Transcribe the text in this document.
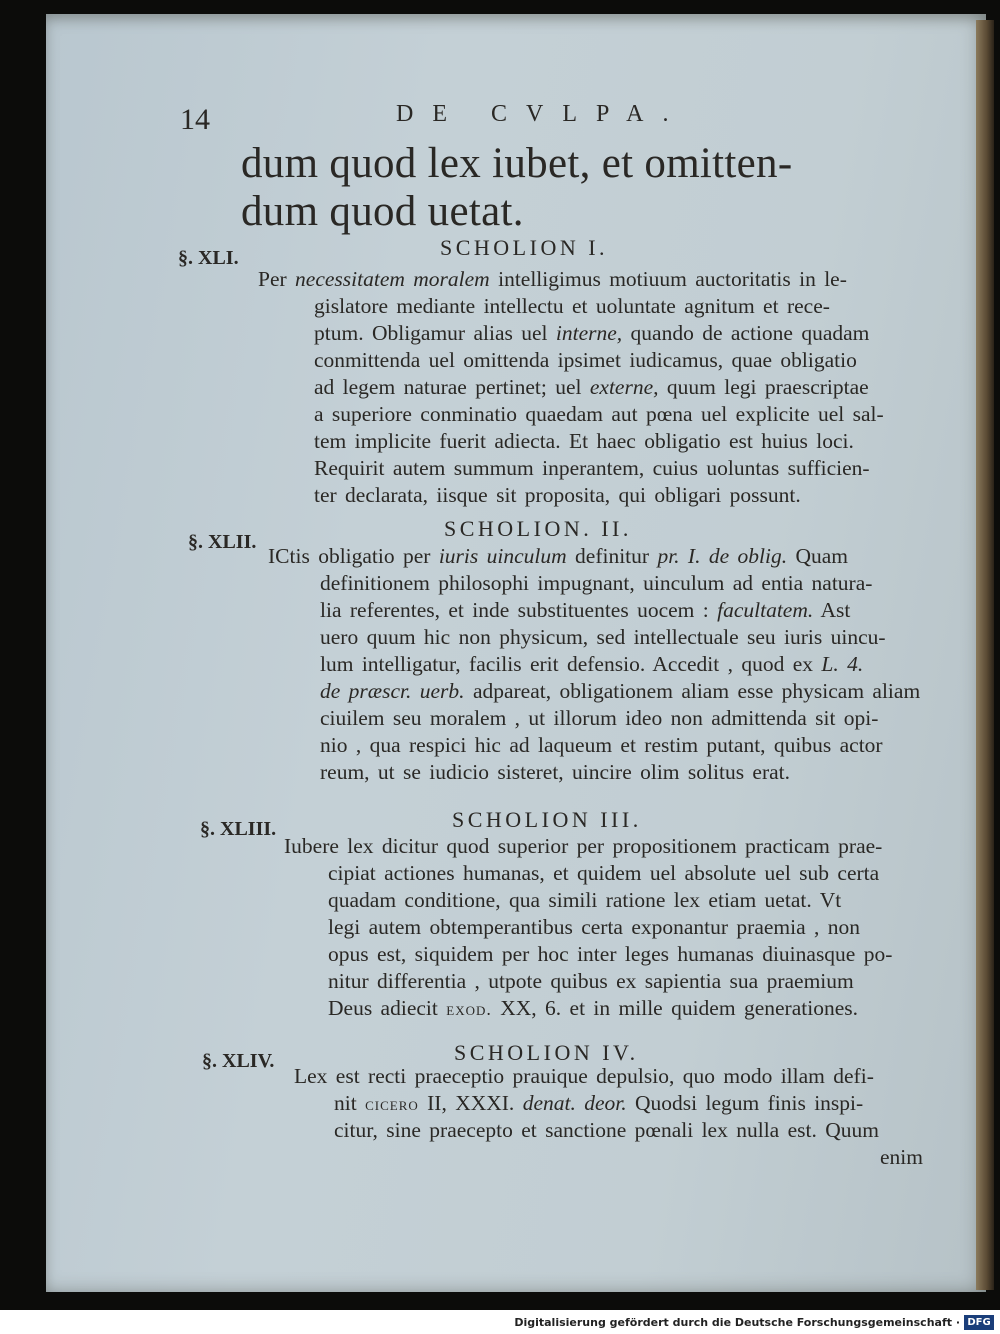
14	DE CVLPA.
dum quod lex iubet, et omitten-
dum quod uetat.
§. XLI.	SCHOLION I.
Per necessitatem moralem intelligimus motiuum auctoritatis in le-
gislatore mediante intellectu et uoluntate agnitum et rece-
ptum. Obligamur alias uel interne, quando de actione quadam
conmittenda uel omittenda ipsimet iudicamus, quae obligatio
ad legem naturae pertinet; uel externe, quum legi praescriptae
a superiore conminatio quaedam aut pœna uel explicite uel sal-
tem implicite fuerit adiecta. Et haec obligatio est huius loci.
Requirit autem summum inperantem, cuius uoluntas sufficien-
ter declarata, iisque sit proposita, qui obligari possunt.
§. XLII.
SCHOLION. II.
ICtis obligatio per iuris uinculum definitur pr. I. de oblig. Quam
definitionem philosophi impugnant, uinculum ad entia natura-
lia referentes, et inde substituentes uocem : facultatem. Ast
uero quum hic non physicum, sed intellectuale seu iuris uincu-
lum intelligatur, facilis erit defensio. Accedit , quod ex L. 4.
de præscr. uerb. adpareat, obligationem aliam esse physicam aliam
ciuilem seu moralem , ut illorum ideo non admittenda sit opi-
nio , qua respici hic ad laqueum et restim putant, quibus actor
reum, ut se iudicio sisteret, uincire olim solitus erat.
§. XLIII.	SCHOLION III.
Iubere lex dicitur quod superior per propositionem practicam prae-
cipiat actiones humanas, et quidem uel absolute uel sub certa
quadam conditione, qua simili ratione lex etiam uetat. Vt
legi autem obtemperantibus certa exponantur praemia , non
opus est, siquidem per hoc inter leges humanas diuinasque po-
nitur differentia , utpote quibus ex sapientia sua praemium
Deus adiecit exod. XX, 6. et in mille quidem generationes.
§. XLIV.	SCHOLION IV.
Lex est recti praeceptio prauique depulsio, quo modo illam defi-
nit cicero II, XXXI. denat. deor. Quodsi legum finis inspi-
citur, sine praecepto et sanctione pœnali lex nulla est. Quum
enim
Digitalisierung gefördert durch die Deutsche Forschungsgemeinschaft · DFG
